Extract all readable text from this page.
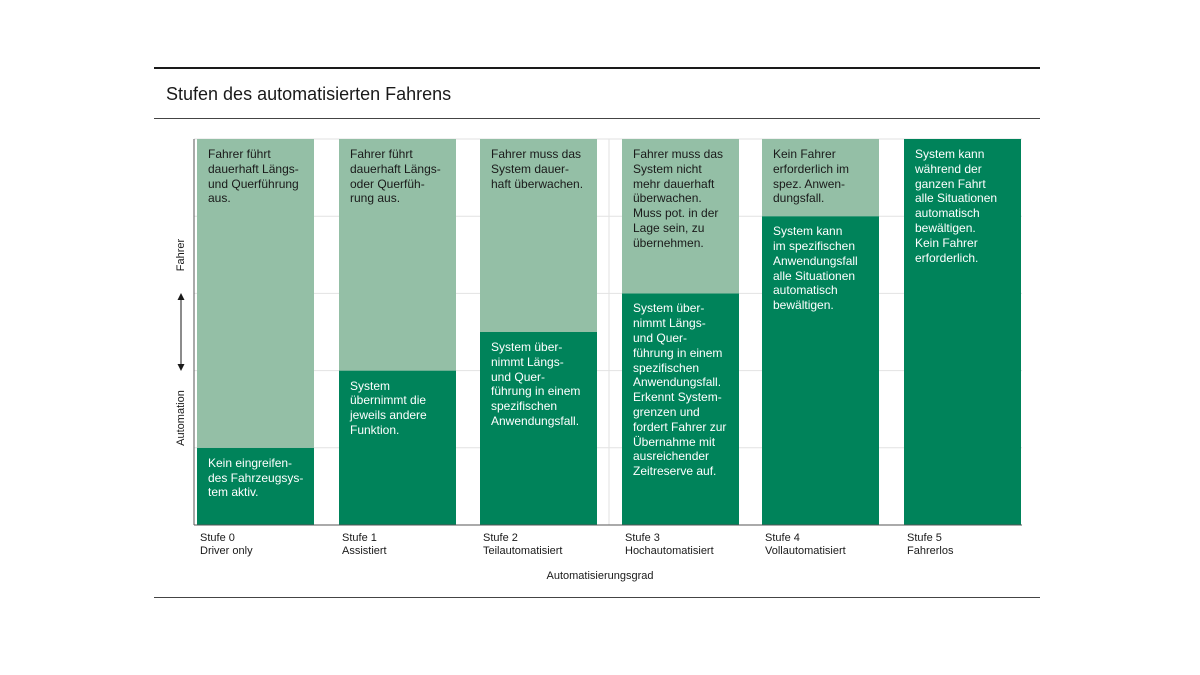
Stufen des automatisierten Fahrens
Kein eingreifen-
des Fahrzeugsys-
tem aktiv.
Fahrer führt
dauerhaft Längs-
und Querführung
aus.
Stufe 0
Driver only
System
übernimmt die
jeweils andere
Funktion.
Fahrer führt
dauerhaft Längs-
oder Querfüh-
rung aus.
Stufe 1
Assistiert
System über-
nimmt Längs-
und Quer-
führung in einem
spezifischen
Anwendungsfall.
Fahrer muss das
System dauer-
haft überwachen.
Stufe 2
Teilautomatisiert
System über-
nimmt Längs-
und Quer-
führung in einem
spezifischen
Anwendungsfall.
Erkennt System-
grenzen und
fordert Fahrer zur
Übernahme mit
ausreichender
Zeitreserve auf.
Fahrer muss das
System nicht
mehr dauerhaft
überwachen.
Muss pot. in der
Lage sein, zu
übernehmen.
Stufe 3
Hochautomatisiert
System kann
im spezifischen
Anwendungsfall
alle Situationen
automatisch
bewältigen.
Kein Fahrer
erforderlich im
spez. Anwen-
dungsfall.
Stufe 4
Vollautomatisiert
System kann
während der
ganzen Fahrt
alle Situationen
automatisch
bewältigen.
Kein Fahrer
erforderlich.
Stufe 5
Fahrerlos
Fahrer
Automation
Automatisierungsgrad
